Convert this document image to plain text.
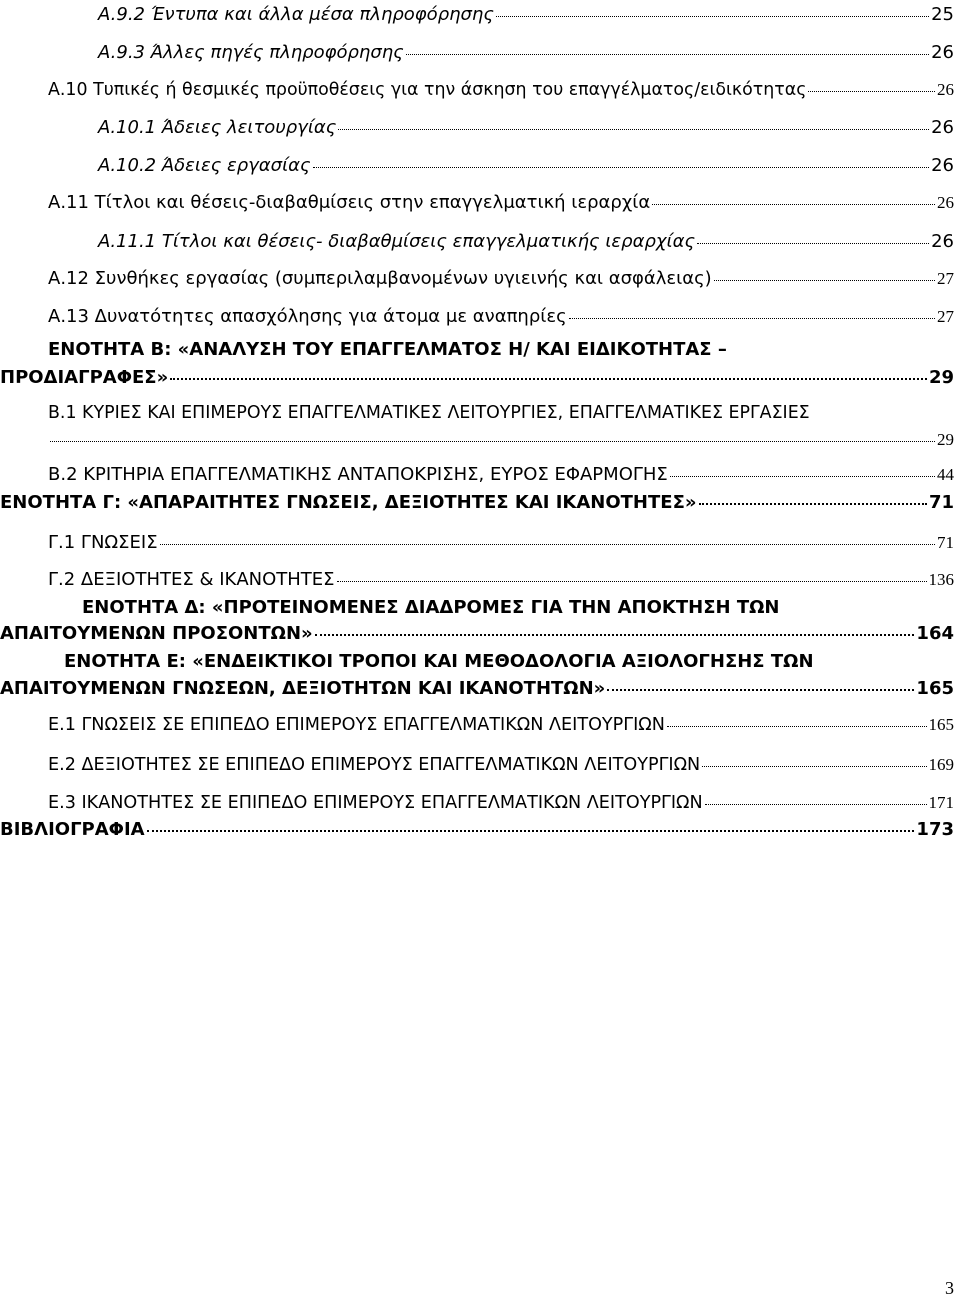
A.9.2 Έντυπα και άλλα μέσα πληροφόρησης	25
A.9.3 Άλλες πηγές πληροφόρησης	26
Α.10 Τυπικές ή θεσμικές προϋποθέσεις για την άσκηση του επαγγέλματος/ειδικότητας	26
Α.10.1 Άδειες λειτουργίας	26
Α.10.2 Άδειες εργασίας	26
Α.11 Τίτλοι και θέσεις-διαβαθμίσεις στην επαγγελματική ιεραρχία	26
Α.11.1 Τίτλοι και θέσεις- διαβαθμίσεις επαγγελματικής ιεραρχίας	26
Α.12 Συνθήκες εργασίας (συμπεριλαμβανομένων υγιεινής και ασφάλειας)	27
Α.13 Δυνατότητες απασχόλησης για άτομα με αναπηρίες	27
ΕΝΟΤΗΤΑ Β: «ΑΝΑΛΥΣΗ ΤΟΥ ΕΠΑΓΓΕΛΜΑΤΟΣ Η/ ΚΑΙ ΕΙΔΙΚΟΤΗΤΑΣ –
ΠΡΟΔΙΑΓΡΑΦΕΣ»	29
Β.1 ΚΥΡΙΕΣ ΚΑΙ ΕΠΙΜΕΡΟΥΣ ΕΠΑΓΓΕΛΜΑΤΙΚΕΣ ΛΕΙΤΟΥΡΓΙΕΣ, ΕΠΑΓΓΕΛΜΑΤΙΚΕΣ ΕΡΓΑΣΙΕΣ
29
Β.2 ΚΡΙΤΗΡΙΑ ΕΠΑΓΓΕΛΜΑΤΙΚΗΣ ΑΝΤΑΠΟΚΡΙΣΗΣ, ΕΥΡΟΣ ΕΦΑΡΜΟΓΗΣ	44
ΕΝΟΤΗΤΑ Γ: «ΑΠΑΡΑΙΤΗΤΕΣ ΓΝΩΣΕΙΣ, ΔΕΞΙΟΤΗΤΕΣ ΚΑΙ ΙΚΑΝΟΤΗΤΕΣ»	71
Γ.1 ΓΝΩΣΕΙΣ	71
Γ.2 ΔΕΞΙΟΤΗΤΕΣ & ΙΚΑΝΟΤΗΤΕΣ	136
ΕΝΟΤΗΤΑ Δ: «ΠΡΟΤΕΙΝΟΜΕΝΕΣ ΔΙΑΔΡΟΜΕΣ ΓΙΑ ΤΗΝ ΑΠΟΚΤΗΣΗ ΤΩΝ
ΑΠΑΙΤΟΥΜΕΝΩΝ ΠΡΟΣΟΝΤΩΝ»	164
ΕΝΟΤΗΤΑ Ε: «ΕΝΔΕΙΚΤΙΚΟΙ ΤΡΟΠΟΙ ΚΑΙ ΜΕΘΟΔΟΛΟΓΙΑ ΑΞΙΟΛΟΓΗΣΗΣ ΤΩΝ
ΑΠΑΙΤΟΥΜΕΝΩΝ ΓΝΩΣΕΩΝ, ΔΕΞΙΟΤΗΤΩΝ ΚΑΙ ΙΚΑΝΟΤΗΤΩΝ»	165
Ε.1 ΓΝΩΣΕΙΣ ΣΕ ΕΠΙΠΕΔΟ ΕΠΙΜΕΡΟΥΣ ΕΠΑΓΓΕΛΜΑΤΙΚΩΝ ΛΕΙΤΟΥΡΓΙΩΝ	165
Ε.2 ΔΕΞΙΟΤΗΤΕΣ ΣΕ ΕΠΙΠΕΔΟ ΕΠΙΜΕΡΟΥΣ ΕΠΑΓΓΕΛΜΑΤΙΚΩΝ ΛΕΙΤΟΥΡΓΙΩΝ	169
Ε.3 ΙΚΑΝΟΤΗΤΕΣ ΣΕ ΕΠΙΠΕΔΟ ΕΠΙΜΕΡΟΥΣ ΕΠΑΓΓΕΛΜΑΤΙΚΩΝ ΛΕΙΤΟΥΡΓΙΩΝ	171
ΒΙΒΛΙΟΓΡΑΦΙΑ	173
3
